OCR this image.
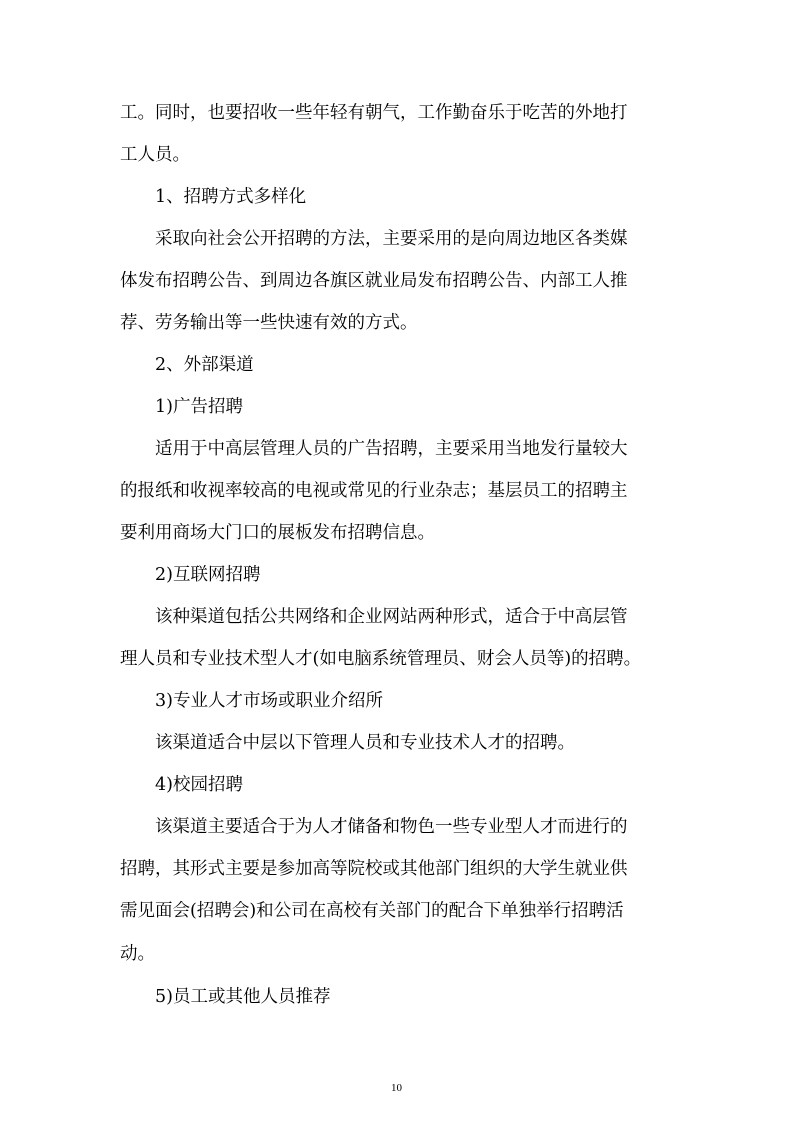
工。同时，也要招收一些年轻有朝气，工作勤奋乐于吃苦的外地打
工人员。
1、招聘方式多样化
采取向社会公开招聘的方法，主要采用的是向周边地区各类媒
体发布招聘公告、到周边各旗区就业局发布招聘公告、内部工人推
荐、劳务输出等一些快速有效的方式。
2、外部渠道
1)广告招聘
适用于中高层管理人员的广告招聘，主要采用当地发行量较大
的报纸和收视率较高的电视或常见的行业杂志；基层员工的招聘主
要利用商场大门口的展板发布招聘信息。
2)互联网招聘
该种渠道包括公共网络和企业网站两种形式，适合于中高层管
理人员和专业技术型人才(如电脑系统管理员、财会人员等)的招聘。
3)专业人才市场或职业介绍所
该渠道适合中层以下管理人员和专业技术人才的招聘。
4)校园招聘
该渠道主要适合于为人才储备和物色一些专业型人才而进行的
招聘，其形式主要是参加高等院校或其他部门组织的大学生就业供
需见面会(招聘会)和公司在高校有关部门的配合下单独举行招聘活
动。
5)员工或其他人员推荐
10
